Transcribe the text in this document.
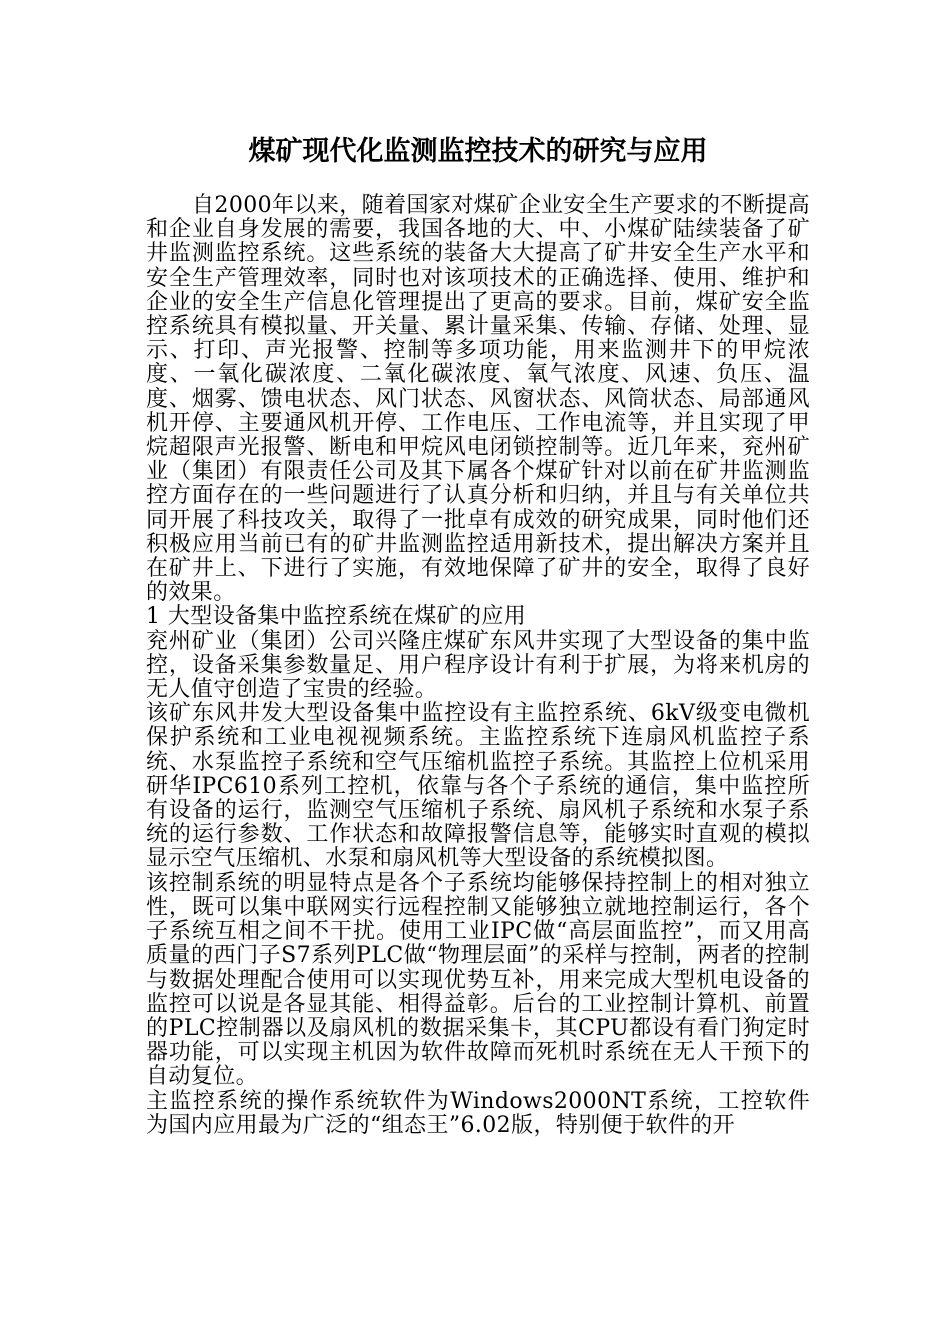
煤矿现代化监测监控技术的研究与应用

自2000年以来，随着国家对煤矿企业安全生产要求的不断提高和企业自身发展的需要，我国各地的大、中、小煤矿陆续装备了矿井监测监控系统。这些系统的装备大大提高了矿井安全生产水平和安全生产管理效率，同时也对该项技术的正确选择、使用、维护和企业的安全生产信息化管理提出了更高的要求。目前，煤矿安全监控系统具有模拟量、开关量、累计量采集、传输、存储、处理、显示、打印、声光报警、控制等多项功能，用来监测井下的甲烷浓度、一氧化碳浓度、二氧化碳浓度、氧气浓度、风速、负压、温度、烟雾、馈电状态、风门状态、风窗状态、风筒状态、局部通风机开停、主要通风机开停、工作电压、工作电流等，并且实现了甲烷超限声光报警、断电和甲烷风电闭锁控制等。近几年来，兖州矿业（集团）有限责任公司及其下属各个煤矿针对以前在矿井监测监控方面存在的一些问题进行了认真分析和归纳，并且与有关单位共同开展了科技攻关，取得了一批卓有成效的研究成果，同时他们还积极应用当前已有的矿井监测监控适用新技术，提出解决方案并且在矿井上、下进行了实施，有效地保障了矿井的安全，取得了良好的效果。

1 大型设备集中监控系统在煤矿的应用

兖州矿业（集团）公司兴隆庄煤矿东风井实现了大型设备的集中监控，设备采集参数量足、用户程序设计有利于扩展，为将来机房的无人值守创造了宝贵的经验。

该矿东风井发大型设备集中监控设有主监控系统、6kV级变电微机保护系统和工业电视视频系统。主监控系统下连扇风机监控子系统、水泵监控子系统和空气压缩机监控子系统。其监控上位机采用研华IPC610系列工控机，依靠与各个子系统的通信，集中监控所有设备的运行，监测空气压缩机子系统、扇风机子系统和水泵子系统的运行参数、工作状态和故障报警信息等，能够实时直观的模拟显示空气压缩机、水泵和扇风机等大型设备的系统模拟图。

该控制系统的明显特点是各个子系统均能够保持控制上的相对独立性，既可以集中联网实行远程控制又能够独立就地控制运行，各个子系统互相之间不干扰。使用工业IPC做“高层面监控”，而又用高质量的西门子S7系列PLC做“物理层面”的采样与控制，两者的控制与数据处理配合使用可以实现优势互补，用来完成大型机电设备的监控可以说是各显其能、相得益彰。后台的工业控制计算机、前置的PLC控制器以及扇风机的数据采集卡，其CPU都设有看门狗定时器功能，可以实现主机因为软件故障而死机时系统在无人干预下的自动复位。

主监控系统的操作系统软件为Windows2000NT系统，工控软件为国内应用最为广泛的“组态王”6.02版，特别便于软件的开
